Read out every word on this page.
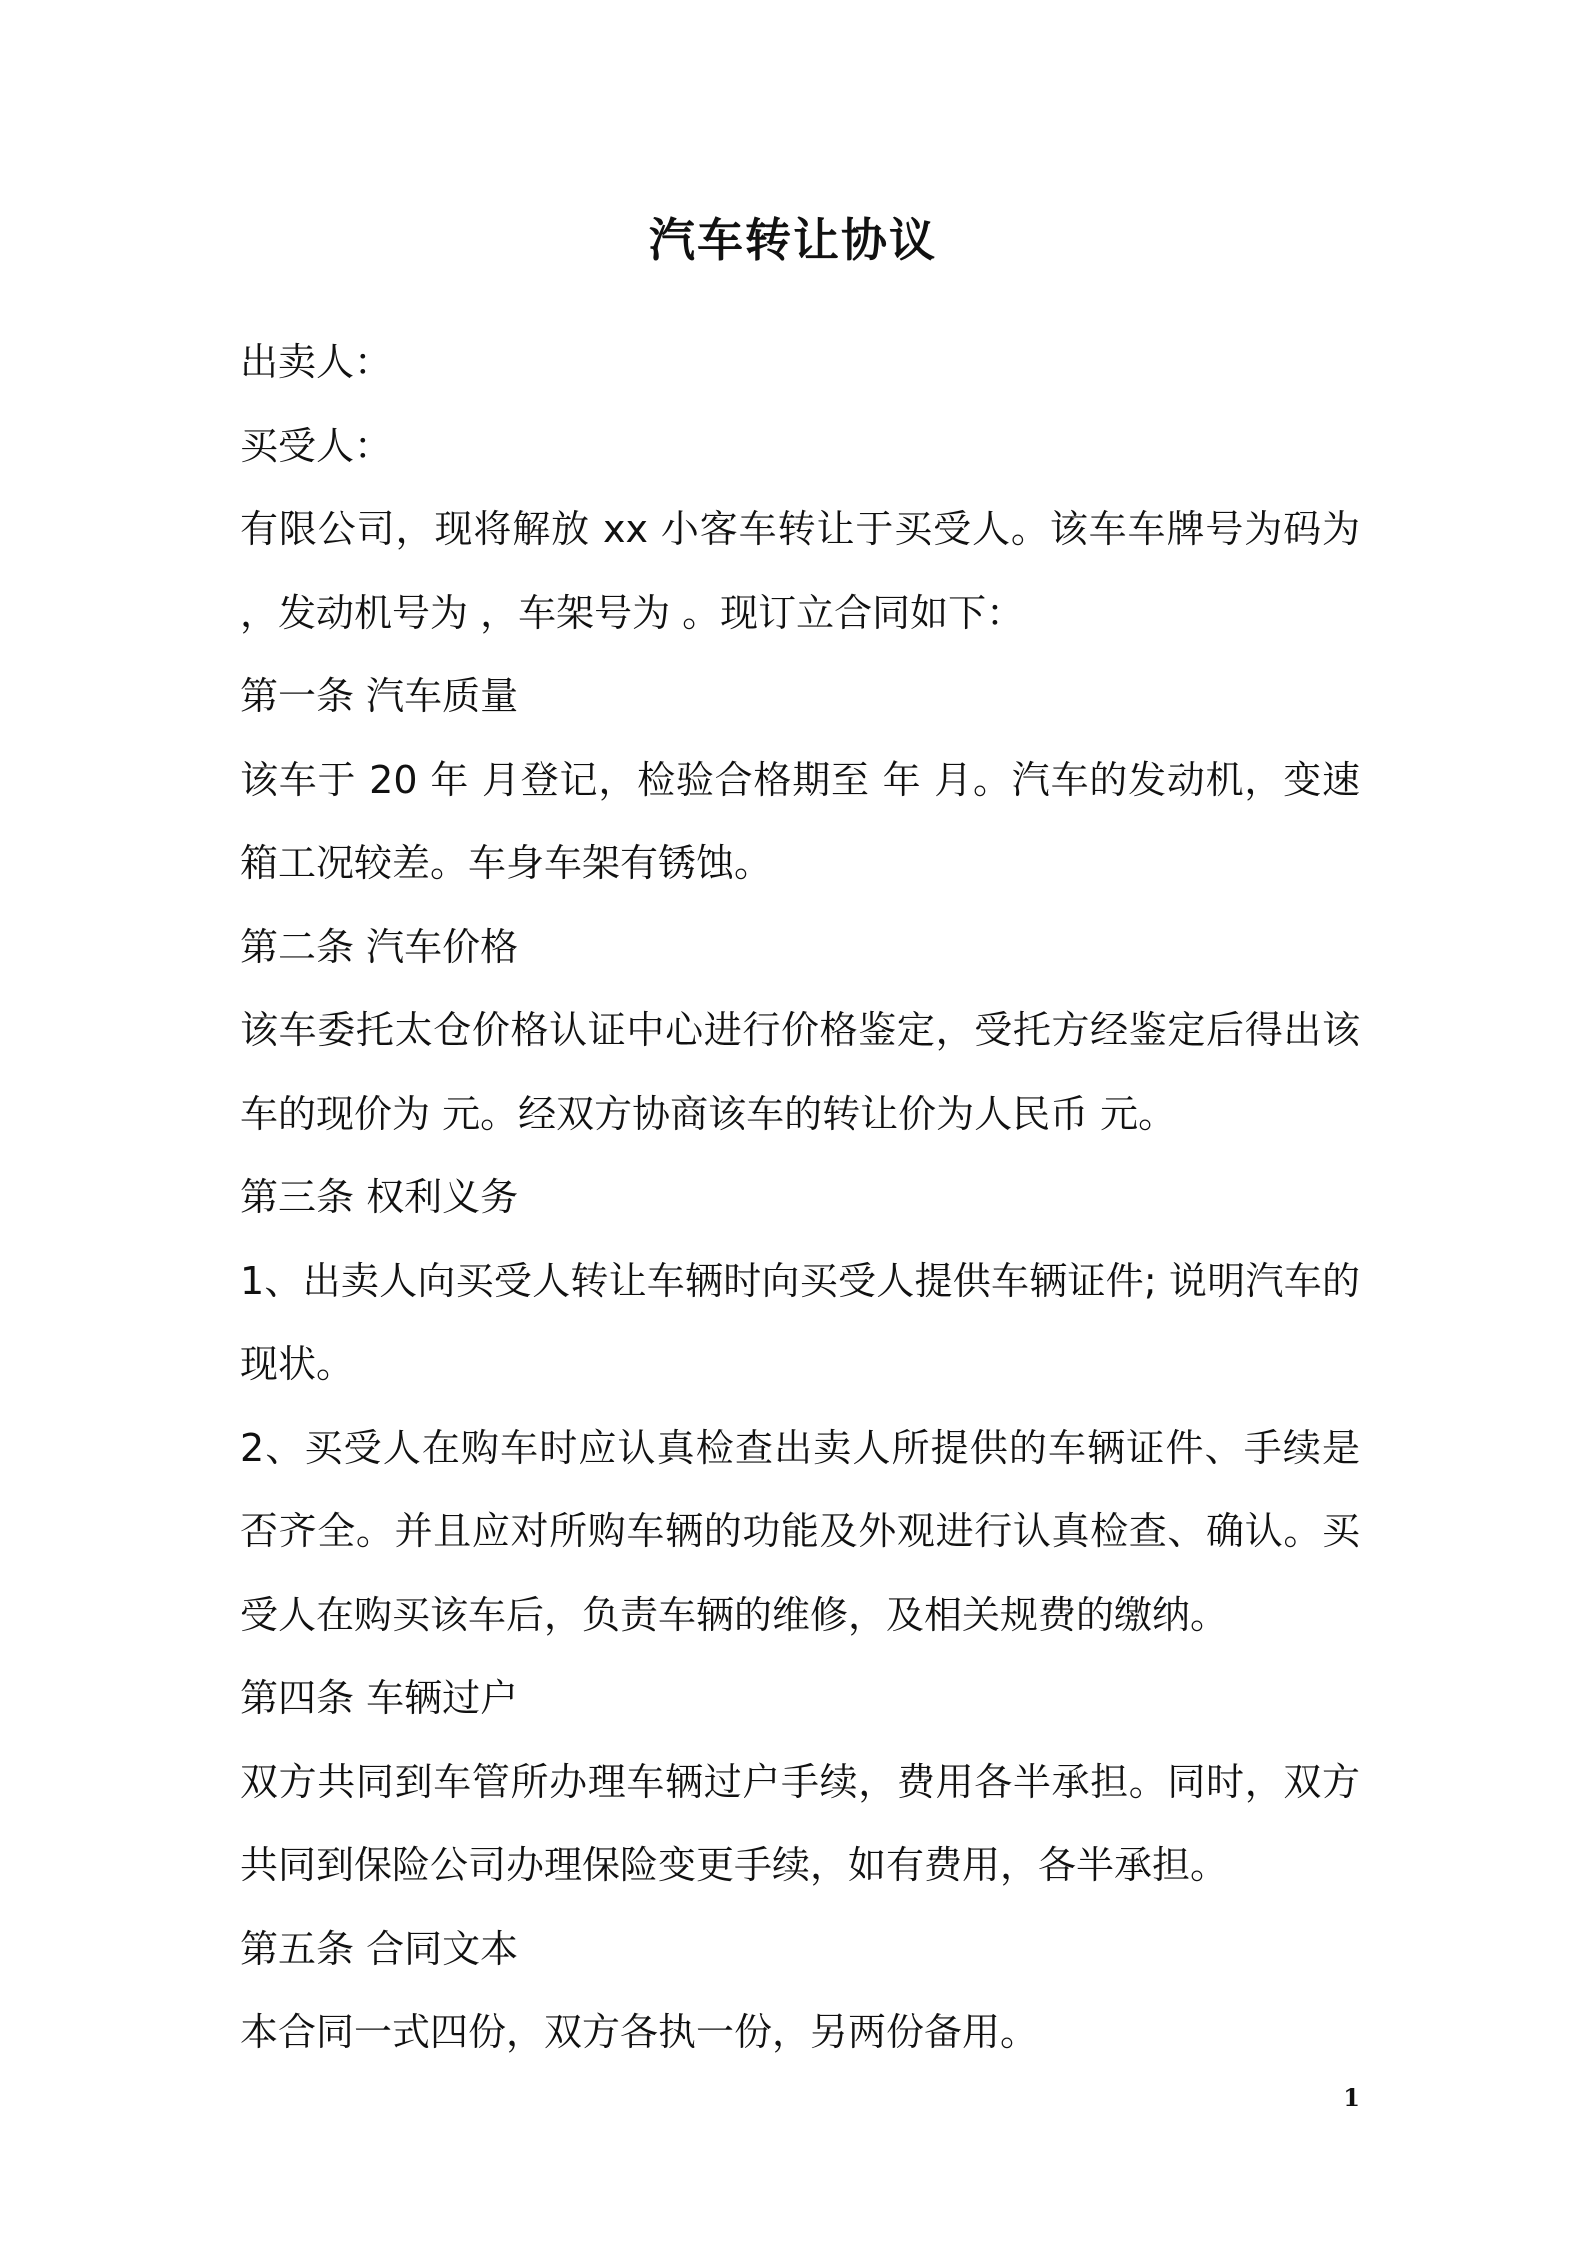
汽车转让协议

出卖人：

买受人：

有限公司，现将解放 xx 小客车转让于买受人。该车车牌号为码为 ，发动机号为 ，车架号为 。现订立合同如下：

第一条 汽车质量

该车于 20 年 月登记，检验合格期至 年 月。汽车的发动机，变速箱工况较差。车身车架有锈蚀。

第二条 汽车价格

该车委托太仓价格认证中心进行价格鉴定，受托方经鉴定后得出该车的现价为 元。经双方协商该车的转让价为人民币 元。

第三条 权利义务

1、出卖人向买受人转让车辆时向买受人提供车辆证件; 说明汽车的现状。

2、买受人在购车时应认真检查出卖人所提供的车辆证件、手续是否齐全。并且应对所购车辆的功能及外观进行认真检查、确认。买受人在购买该车后，负责车辆的维修，及相关规费的缴纳。

第四条 车辆过户

双方共同到车管所办理车辆过户手续，费用各半承担。同时，双方共同到保险公司办理保险变更手续，如有费用，各半承担。

第五条 合同文本

本合同一式四份，双方各执一份，另两份备用。

1
